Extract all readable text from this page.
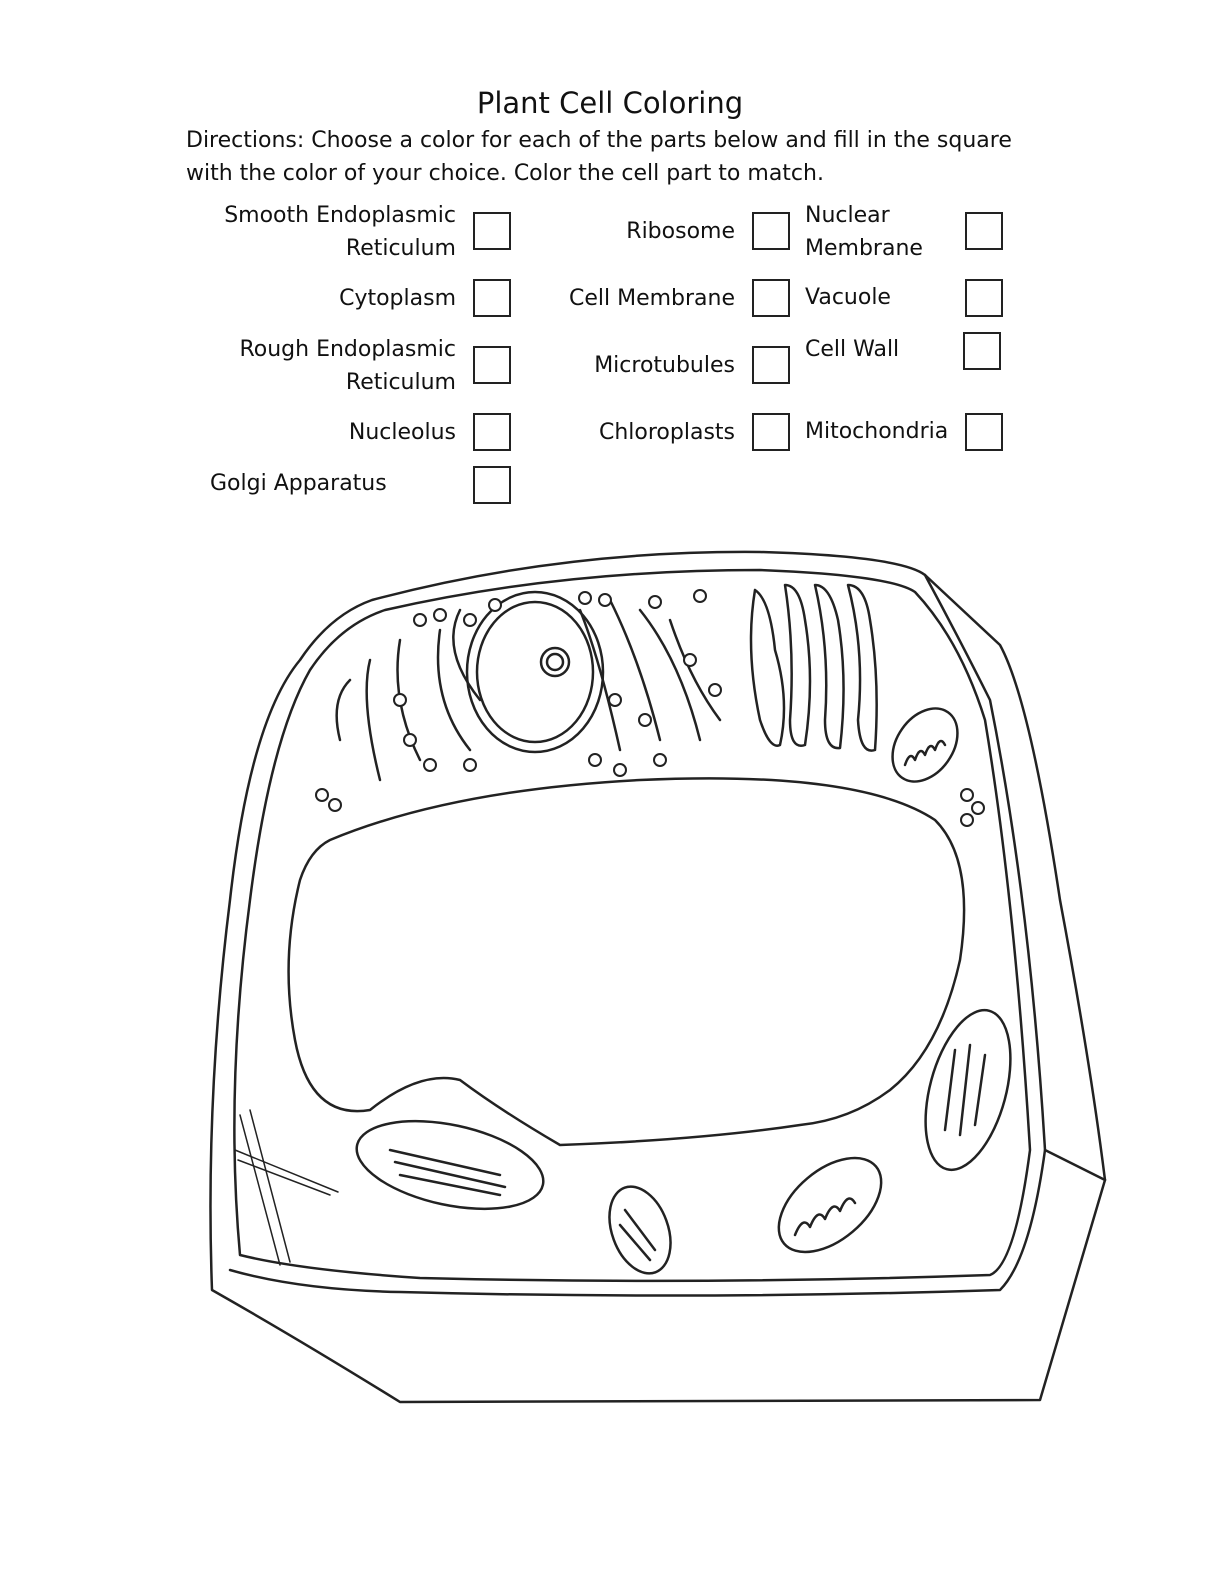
Plant Cell Coloring
Directions: Choose a color for each of the parts below and fill in the square
with the color of your choice. Color the cell part to match.
Smooth Endoplasmic
Reticulum
Cytoplasm
Rough Endoplasmic
Reticulum
Nucleolus
Golgi Apparatus
Ribosome
Cell Membrane
Microtubules
Chloroplasts
Nuclear
Membrane
Vacuole
Cell Wall
Mitochondria
